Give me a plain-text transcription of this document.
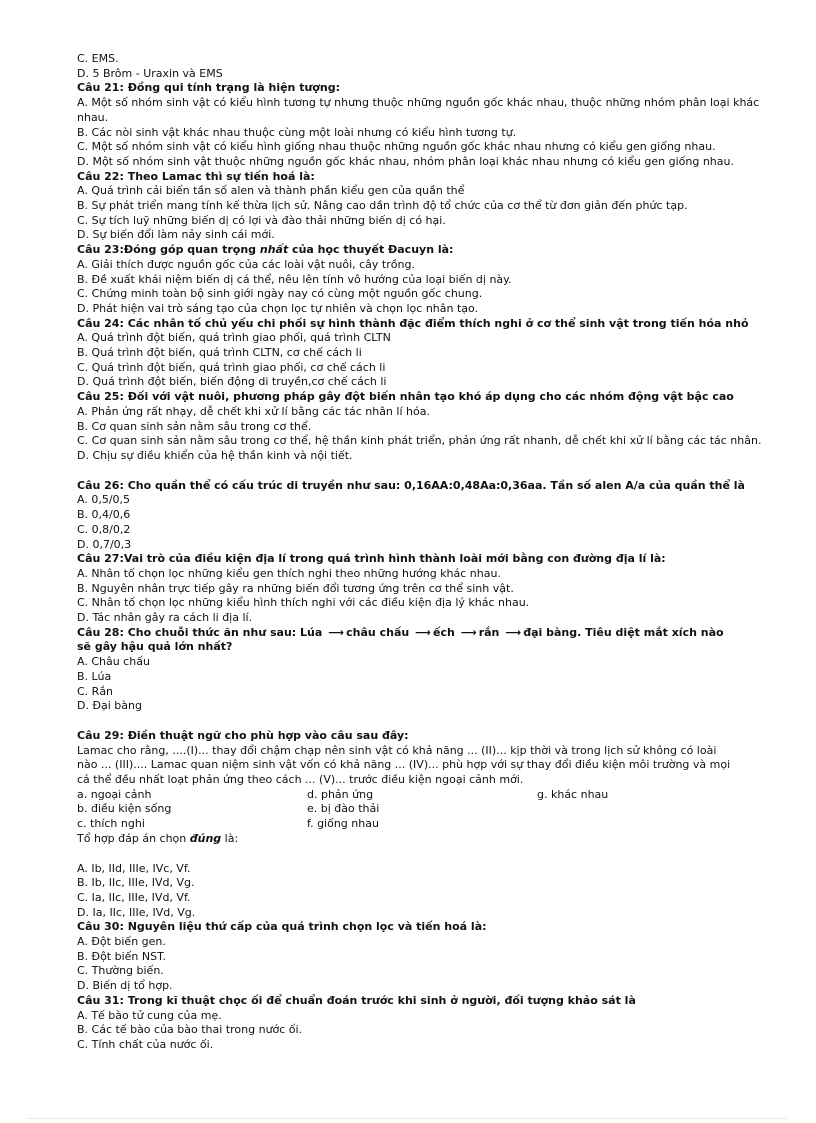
C. EMS.
D. 5 Brôm - Uraxin và EMS
Câu 21: Đồng qui tính trạng là hiện tượng:
A. Một số nhóm sinh vật có kiểu hình tương tự nhưng thuộc những nguồn gốc khác nhau, thuộc những nhóm phân loại khác nhau.
B. Các nòi sinh vật khác nhau thuộc cùng một loài nhưng có kiểu hình tương tự.
C. Một số nhóm sinh vật có kiểu hình giống nhau thuộc những nguồn gốc khác nhau nhưng có kiểu gen giống nhau.
D. Một số nhóm sinh vật thuộc những nguồn gốc khác nhau, nhóm phân loại khác nhau nhưng có kiểu gen giống nhau.
Câu 22: Theo Lamac thì sự tiến hoá là:
A. Quá trình cải biến tần số alen và thành phần kiểu gen của quần thể
B. Sự phát triển mang tính kế thừa lịch sử. Nâng cao dần trình độ tổ chức của cơ thể từ đơn giản đến phức tạp.
C. Sự tích luỹ những biến dị có lợi và đào thải những biến dị có hại.
D. Sự biến đổi làm nảy sinh cái mới.
Câu 23:Đóng góp quan trọng nhất của học thuyết Đacuyn là:
A. Giải thích được nguồn gốc của các loài vật nuôi, cây trồng.
B. Đề xuất khái niệm biến dị cá thể, nêu lên tính vô hướng của loại biến dị này.
C. Chứng minh toàn bộ sinh giới ngày nay có cùng một nguồn gốc chung.
D. Phát hiện vai trò sáng tạo của chọn lọc tự nhiên và chọn lọc nhân tạo.
Câu 24: Các nhân tố chủ yếu chi phối sự hình thành đặc điểm thích nghi ở cơ thể sinh vật trong tiến hóa nhỏ
A. Quá trình đột biến, quá trình giao phối, quá trình CLTN
B. Quá trình đột biến, quá trình CLTN, cơ chế cách li
C. Quá trình đột biến, quá trình giao phối, cơ chế cách li
D. Quá trình đột biến, biến động di truyền,cơ chế cách li
Câu 25: Đối với vật nuôi, phương pháp gây đột biến nhân tạo khó áp dụng cho các nhóm động vật bậc cao
A. Phản ứng rất nhạy, dễ chết khi xử lí bằng các tác nhân lí hóa.
B. Cơ quan sinh sản nằm sâu trong cơ thể.
C. Cơ quan sinh sản nằm sâu trong cơ thể, hệ thần kinh phát triển, phản ứng rất nhanh, dễ chết khi xử lí bằng các tác nhân.
D. Chịu sự điều khiển của hệ thần kinh và nội tiết.
Câu 26: Cho quần thể có cấu trúc di truyền như sau: 0,16AA:0,48Aa:0,36aa. Tần số alen A/a của quần thể là
A. 0,5/0,5
B. 0,4/0,6
C. 0,8/0,2
D. 0,7/0,3
Câu 27:Vai trò của điều kiện địa lí trong quá trình hình thành loài mới bằng con đường địa lí là:
A. Nhân tố chọn lọc những kiểu gen thích nghi theo những hướng khác nhau.
B. Nguyên nhân trực tiếp gây ra những biến đổi tương ứng trên cơ thể sinh vật.
C. Nhân tố chọn lọc những kiểu hình thích nghi với các điều kiện địa lý khác nhau.
D. Tác nhân gây ra cách li địa lí.
Câu 28: Cho chuỗi thức ăn như sau: Lúa ⟶ châu chấu ⟶ ếch ⟶ rắn ⟶ đại bàng. Tiêu diệt mắt xích nào
sẽ gây hậu quả lớn nhất?
A. Châu chấu
B. Lúa
C. Rắn
D. Đại bàng
Câu 29: Điền thuật ngữ cho phù hợp vào câu sau đây:
Lamac cho rằng, ....(I)... thay đổi chậm chạp nên sinh vật có khả năng ... (II)... kịp thời và trong lịch sử không có loài
nào ... (III).... Lamac quan niệm sinh vật vốn có khả năng ... (IV)... phù hợp với sự thay đổi điều kiện môi trường và mọi
cá thể đều nhất loạt phản ứng theo cách ... (V)... trước điều kiện ngoại cảnh mới.
a. ngoại cảnh	d. phản ứng	g. khác nhau
b. điều kiện sống	e. bị đào thải
c. thích nghi	f. giống nhau
Tổ hợp đáp án chọn đúng là:
A. Ib, IId, IIIe, IVc, Vf.
B. Ib, IIc, IIIe, IVd, Vg.
C. Ia, IIc, IIIe, IVd, Vf.
D. Ia, IIc, IIIe, IVd, Vg.
Câu 30: Nguyên liệu thứ cấp của quá trình chọn lọc và tiến hoá là:
A. Đột biến gen.
B. Đột biến NST.
C. Thường biến.
D. Biến dị tổ hợp.
Câu 31: Trong kĩ thuật chọc ối để chuẩn đoán trước khi sinh ở người, đối tượng khảo sát là
A. Tế bào tử cung của mẹ.
B. Các tế bào của bào thai trong nước ối.
C. Tính chất của nước ối.
